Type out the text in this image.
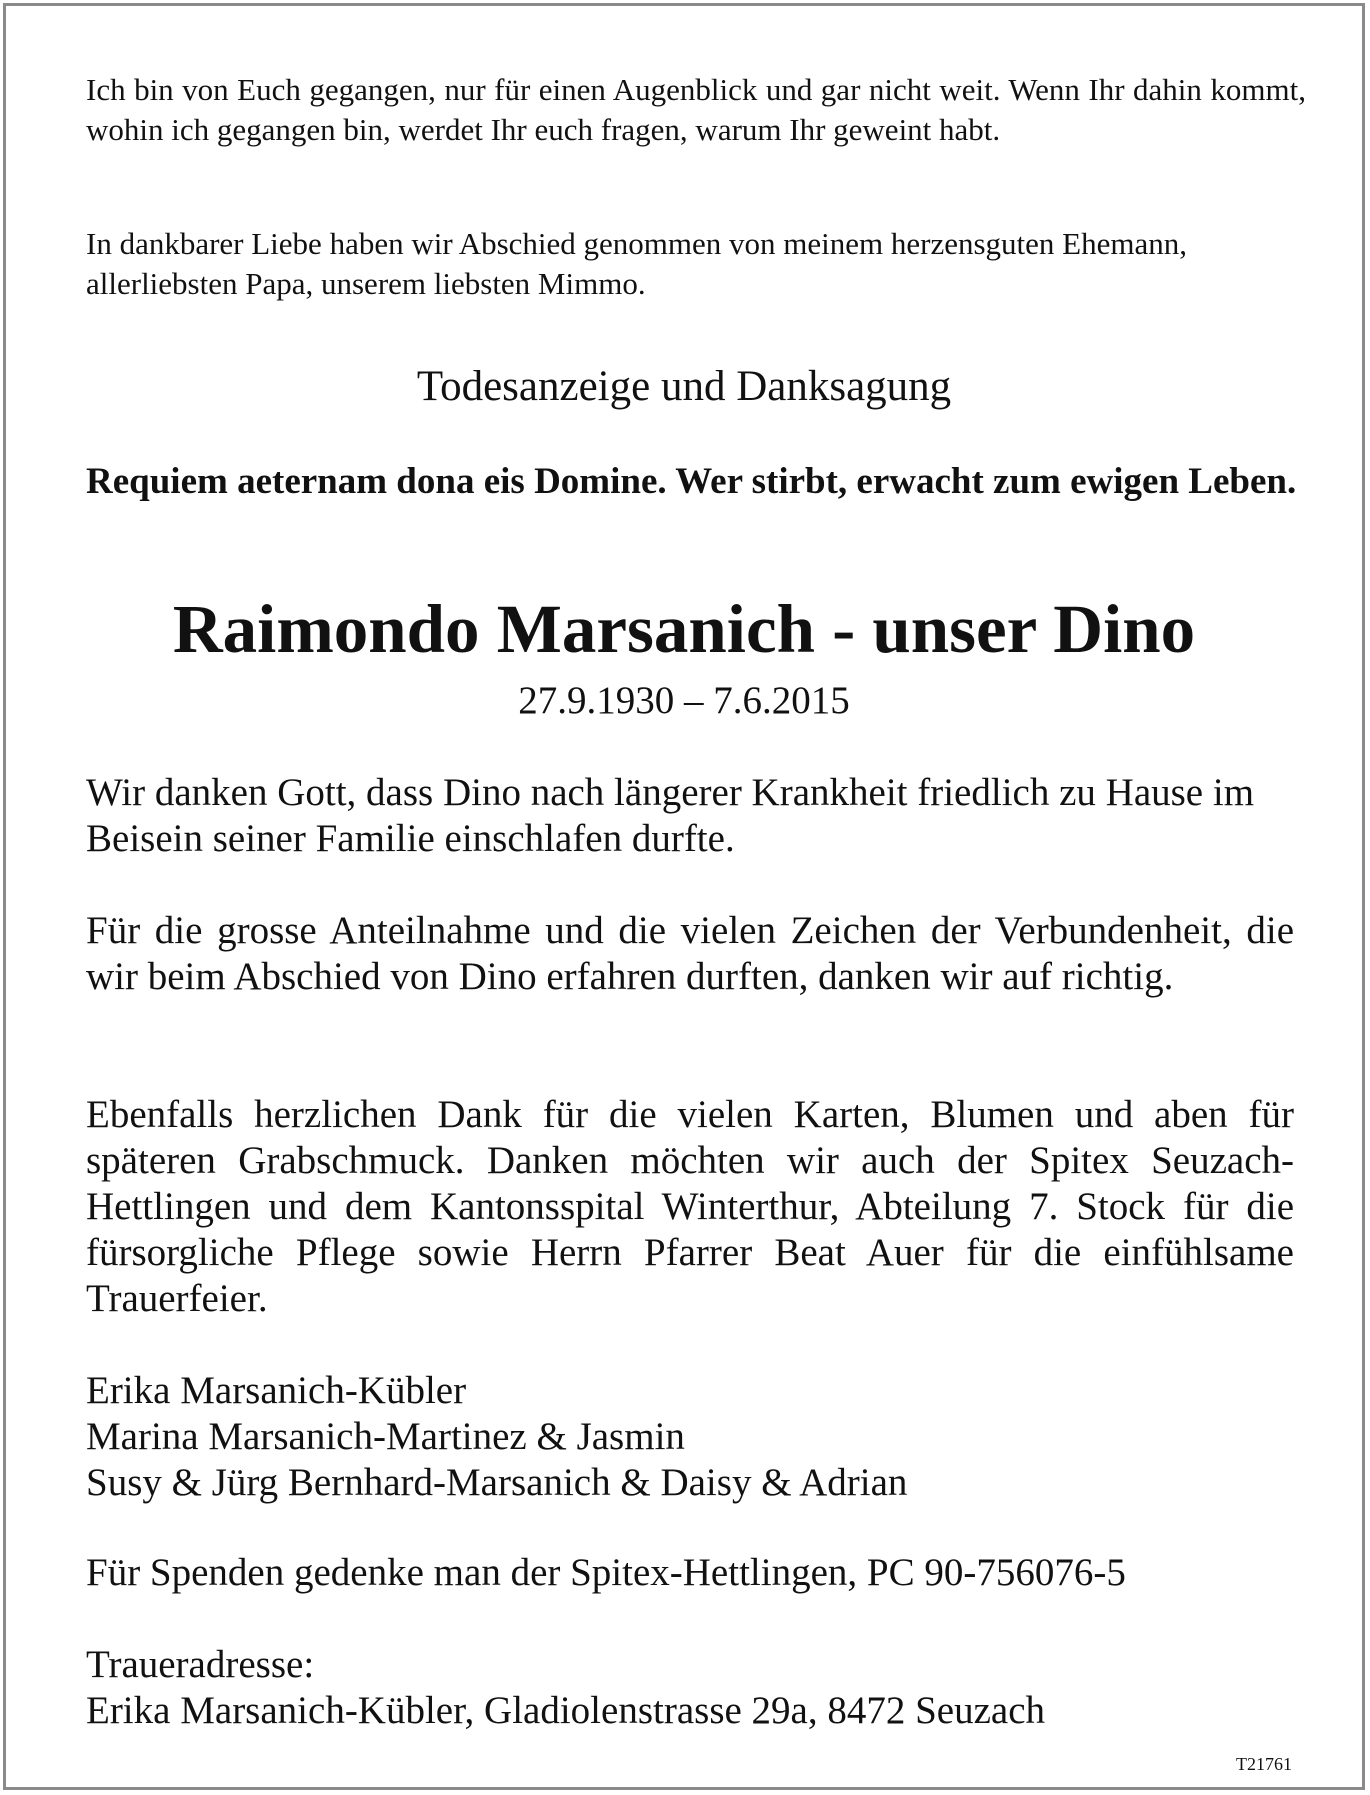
Ich bin von Euch gegangen, nur für einen Augenblick und gar nicht weit. Wenn Ihr dahin kommt, wohin ich gegangen bin, werdet Ihr euch fragen, warum Ihr geweint habt.

In dankbarer Liebe haben wir Abschied genommen von meinem herzensguten Ehemann, allerliebsten Papa, unserem liebsten Mimmo.

Todesanzeige und Danksagung

Requiem aeternam dona eis Domine. Wer stirbt, erwacht zum ewigen Leben.

Raimondo Marsanich - unser Dino

27.9.1930 – 7.6.2015

Wir danken Gott, dass Dino nach längerer Krankheit friedlich zu Hause im Beisein seiner Familie einschlafen durfte.

Für die grosse Anteilnahme und die vielen Zeichen der Verbundenheit, die wir beim Abschied von Dino erfahren durften, danken wir auf richtig.

Ebenfalls herzlichen Dank für die vielen Karten, Blumen und aben für späteren Grabschmuck. Danken möchten wir auch der Spitex Seuzach-Hettlingen und dem Kantonsspital Winterthur, Abteilung 7. Stock für die fürsorgliche Pflege sowie Herrn Pfarrer Beat Auer für die einfühlsame Trauerfeier.

Erika Marsanich-Kübler

Marina Marsanich-Martinez & Jasmin

Susy & Jürg Bernhard-Marsanich & Daisy & Adrian

Für Spenden gedenke man der Spitex-Hettlingen, PC 90-756076-5

Traueradresse:

Erika Marsanich-Kübler, Gladiolenstrasse 29a, 8472 Seuzach

T21761
